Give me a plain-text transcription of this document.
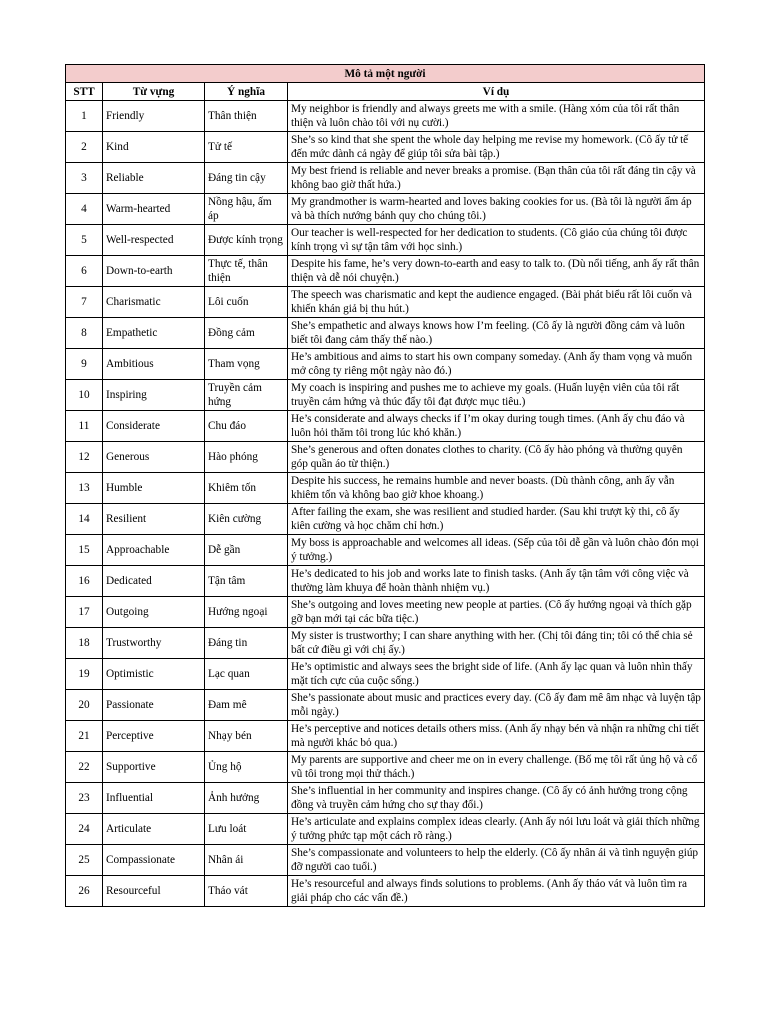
Mô tả một người			
STT	Từ vựng	Ý nghĩa	Ví dụ
1	Friendly	Thân thiện	My neighbor is friendly and always greets me with a smile. (Hàng xóm của tôi rất thân thiện và luôn chào tôi với nụ cười.)
2	Kind	Tử tế	She’s so kind that she spent the whole day helping me revise my homework. (Cô ấy tử tế đến mức dành cả ngày để giúp tôi sửa bài tập.)
3	Reliable	Đáng tin cậy	My best friend is reliable and never breaks a promise. (Bạn thân của tôi rất đáng tin cậy và không bao giờ thất hứa.)
4	Warm-hearted	Nồng hậu, ấm áp	My grandmother is warm-hearted and loves baking cookies for us. (Bà tôi là người ấm áp và bà thích nướng bánh quy cho chúng tôi.)
5	Well-respected	Được kính trọng	Our teacher is well-respected for her dedication to students. (Cô giáo của chúng tôi được kính trọng vì sự tận tâm với học sinh.)
6	Down-to-earth	Thực tế, thân thiện	Despite his fame, he’s very down-to-earth and easy to talk to. (Dù nổi tiếng, anh ấy rất thân thiện và dễ nói chuyện.)
7	Charismatic	Lôi cuốn	The speech was charismatic and kept the audience engaged. (Bài phát biểu rất lôi cuốn và khiến khán giả bị thu hút.)
8	Empathetic	Đồng cảm	She’s empathetic and always knows how I’m feeling. (Cô ấy là người đồng cảm và luôn biết tôi đang cảm thấy thế nào.)
9	Ambitious	Tham vọng	He’s ambitious and aims to start his own company someday. (Anh ấy tham vọng và muốn mở công ty riêng một ngày nào đó.)
10	Inspiring	Truyền cảm hứng	My coach is inspiring and pushes me to achieve my goals. (Huấn luyện viên của tôi rất truyền cảm hứng và thúc đẩy tôi đạt được mục tiêu.)
11	Considerate	Chu đáo	He’s considerate and always checks if I’m okay during tough times. (Anh ấy chu đáo và luôn hỏi thăm tôi trong lúc khó khăn.)
12	Generous	Hào phóng	She’s generous and often donates clothes to charity. (Cô ấy hào phóng và thường quyên góp quần áo từ thiện.)
13	Humble	Khiêm tốn	Despite his success, he remains humble and never boasts. (Dù thành công, anh ấy vẫn khiêm tốn và không bao giờ khoe khoang.)
14	Resilient	Kiên cường	After failing the exam, she was resilient and studied harder. (Sau khi trượt kỳ thi, cô ấy kiên cường và học chăm chỉ hơn.)
15	Approachable	Dễ gần	My boss is approachable and welcomes all ideas. (Sếp của tôi dễ gần và luôn chào đón mọi ý tưởng.)
16	Dedicated	Tận tâm	He’s dedicated to his job and works late to finish tasks. (Anh ấy tận tâm với công việc và thường làm khuya để hoàn thành nhiệm vụ.)
17	Outgoing	Hướng ngoại	She’s outgoing and loves meeting new people at parties. (Cô ấy hướng ngoại và thích gặp gỡ bạn mới tại các bữa tiệc.)
18	Trustworthy	Đáng tin	My sister is trustworthy; I can share anything with her. (Chị tôi đáng tin; tôi có thể chia sẻ bất cứ điều gì với chị ấy.)
19	Optimistic	Lạc quan	He’s optimistic and always sees the bright side of life. (Anh ấy lạc quan và luôn nhìn thấy mặt tích cực của cuộc sống.)
20	Passionate	Đam mê	She’s passionate about music and practices every day. (Cô ấy đam mê âm nhạc và luyện tập mỗi ngày.)
21	Perceptive	Nhạy bén	He’s perceptive and notices details others miss. (Anh ấy nhạy bén và nhận ra những chi tiết mà người khác bỏ qua.)
22	Supportive	Ủng hộ	My parents are supportive and cheer me on in every challenge. (Bố mẹ tôi rất ủng hộ và cổ vũ tôi trong mọi thử thách.)
23	Influential	Ảnh hưởng	She’s influential in her community and inspires change. (Cô ấy có ảnh hưởng trong cộng đồng và truyền cảm hứng cho sự thay đổi.)
24	Articulate	Lưu loát	He’s articulate and explains complex ideas clearly. (Anh ấy nói lưu loát và giải thích những ý tưởng phức tạp một cách rõ ràng.)
25	Compassionate	Nhân ái	She’s compassionate and volunteers to help the elderly. (Cô ấy nhân ái và tình nguyện giúp đỡ người cao tuổi.)
26	Resourceful	Tháo vát	He’s resourceful and always finds solutions to problems. (Anh ấy tháo vát và luôn tìm ra giải pháp cho các vấn đề.)
